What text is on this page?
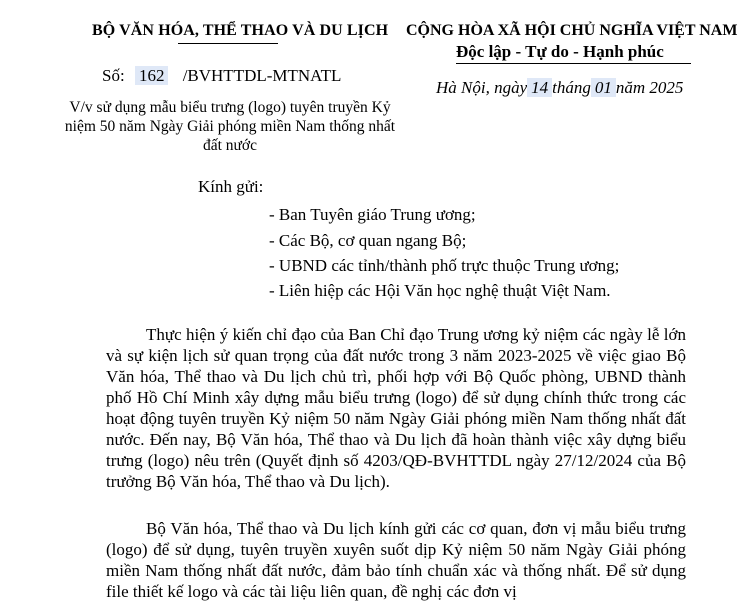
BỘ VĂN HÓA, THỂ THAO VÀ DU LỊCH
Số: 162 /BVHTTDL-MTNATL
V/v sử dụng mẫu biểu trưng (logo) tuyên truyền Kỷ niệm 50 năm Ngày Giải phóng miền Nam thống nhất đất nước
CỘNG HÒA XÃ HỘI CHỦ NGHĨA VIỆT NAM
Độc lập - Tự do - Hạnh phúc
Hà Nội, ngày 14 tháng 01 năm 2025
Kính gửi:
- Ban Tuyên giáo Trung ương;
- Các Bộ, cơ quan ngang Bộ;
- UBND các tỉnh/thành phố trực thuộc Trung ương;
- Liên hiệp các Hội Văn học nghệ thuật Việt Nam.
Thực hiện ý kiến chỉ đạo của Ban Chỉ đạo Trung ương kỷ niệm các ngày lễ lớn và sự kiện lịch sử quan trọng của đất nước trong 3 năm 2023-2025 về việc giao Bộ Văn hóa, Thể thao và Du lịch chủ trì, phối hợp với Bộ Quốc phòng, UBND thành phố Hồ Chí Minh xây dựng mẫu biểu trưng (logo) để sử dụng chính thức trong các hoạt động tuyên truyền Kỷ niệm 50 năm Ngày Giải phóng miền Nam thống nhất đất nước. Đến nay, Bộ Văn hóa, Thể thao và Du lịch đã hoàn thành việc xây dựng biểu trưng (logo) nêu trên (Quyết định số 4203/QĐ-BVHTTDL ngày 27/12/2024 của Bộ trưởng Bộ Văn hóa, Thể thao và Du lịch).
Bộ Văn hóa, Thể thao và Du lịch kính gửi các cơ quan, đơn vị mẫu biểu trưng (logo) để sử dụng, tuyên truyền xuyên suốt dịp Kỷ niệm 50 năm Ngày Giải phóng miền Nam thống nhất đất nước, đảm bảo tính chuẩn xác và thống nhất. Để sử dụng file thiết kế logo và các tài liệu liên quan, đề nghị các đơn vị
